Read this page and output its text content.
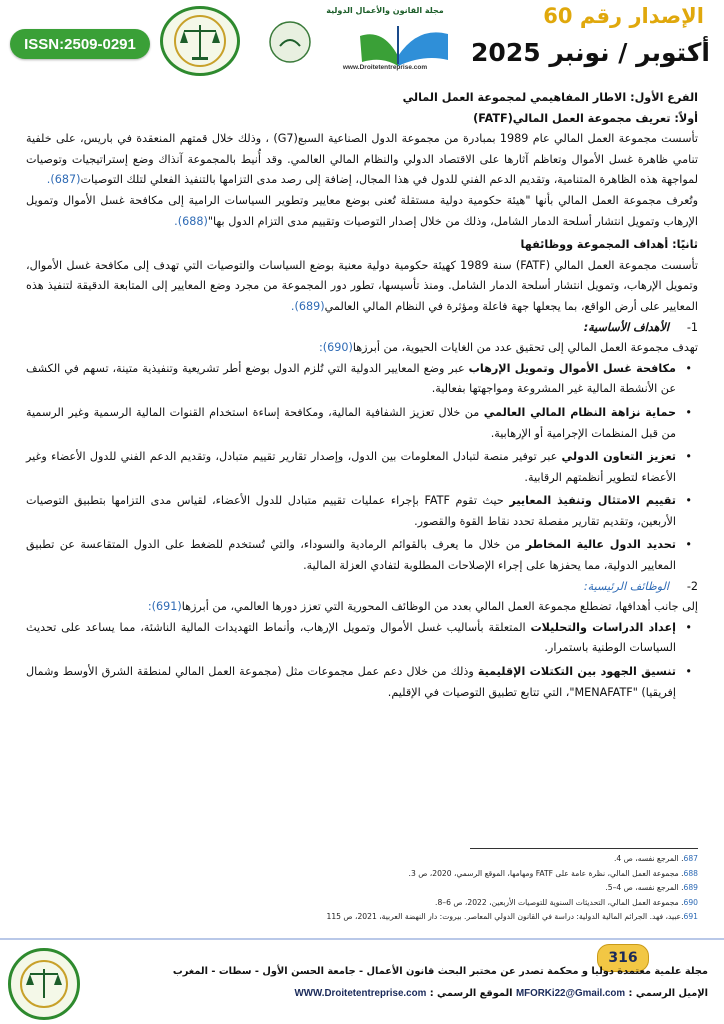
ISSN:2509-0291
مجلة القانون والأعمال الدولية
www.Droitetentreprise.com
الإصدار رقم 60
أكتوبر / نونبر 2025

الفرع الأول: الاطار المفاهيمي لمجموعة العمل المالي

أولاً: تعريف مجموعة العمل المالي(FATF)

تأسست مجموعة العمل المالي عام 1989 بمبادرة من مجموعة الدول الصناعية السبع(G7) ، وذلك خلال قمتهم المنعقدة في باريس، على خلفية تنامي ظاهرة غسل الأموال وتعاظم آثارها على الاقتصاد الدولي والنظام المالي العالمي. وقد أُنيط بالمجموعة آنذاك وضع إستراتيجيات وتوصيات لمواجهة هذه الظاهرة المتنامية، وتقديم الدعم الفني للدول في هذا المجال، إضافة إلى رصد مدى التزامها بالتنفيذ الفعلي لتلك التوصيات(687).

وتُعرف مجموعة العمل المالي بأنها "هيئة حكومية دولية مستقلة تُعنى بوضع معايير وتطوير السياسات الرامية إلى مكافحة غسل الأموال وتمويل الإرهاب وتمويل انتشار أسلحة الدمار الشامل، وذلك من خلال إصدار التوصيات وتقييم مدى التزام الدول بها"(688).

ثانيًا: أهداف المجموعة ووظائفها

تأسست مجموعة العمل المالي (FATF) سنة 1989 كهيئة حكومية دولية معنية بوضع السياسات والتوصيات التي تهدف إلى مكافحة غسل الأموال، وتمويل الإرهاب، وتمويل انتشار أسلحة الدمار الشامل. ومنذ تأسيسها، تطور دور المجموعة من مجرد وضع المعايير إلى المتابعة الدقيقة لتنفيذ هذه المعايير على أرض الواقع، بما يجعلها جهة فاعلة ومؤثرة في النظام المالي العالمي(689).

1-     الأهداف الأساسية:

تهدف مجموعة العمل المالي إلى تحقيق عدد من الغايات الحيوية، من أبرزها(690):

•
مكافحة غسل الأموال وتمويل الإرهاب عبر وضع المعايير الدولية التي تُلزم الدول بوضع أطر تشريعية وتنفيذية متينة، تسهم في الكشف عن الأنشطة المالية غير المشروعة ومواجهتها بفعالية.

•
حماية نزاهة النظام المالي العالمي من خلال تعزيز الشفافية المالية، ومكافحة إساءة استخدام القنوات المالية الرسمية وغير الرسمية من قبل المنظمات الإجرامية أو الإرهابية.

•
تعزيز التعاون الدولي عبر توفير منصة لتبادل المعلومات بين الدول، وإصدار تقارير تقييم متبادل، وتقديم الدعم الفني للدول الأعضاء وغير الأعضاء لتطوير أنظمتهم الرقابية.

•
تقييم الامتثال وتنفيذ المعايير حيث تقوم FATF بإجراء عمليات تقييم متبادل للدول الأعضاء، لقياس مدى التزامها بتطبيق التوصيات الأربعين، وتقديم تقارير مفصلة تحدد نقاط القوة والقصور.

•
تحديد الدول عالية المخاطر من خلال ما يعرف بالقوائم الرمادية والسوداء، والتي تُستخدم للضغط على الدول المتقاعسة عن تطبيق المعايير الدولية، مما يحفزها على إجراء الإصلاحات المطلوبة لتفادي العزلة المالية.

2-     الوظائف الرئيسية:

إلى جانب أهدافها، تضطلع مجموعة العمل المالي بعدد من الوظائف المحورية التي تعزز دورها العالمي، من أبرزها(691):

•
إعداد الدراسات والتحليلات المتعلقة بأساليب غسل الأموال وتمويل الإرهاب، وأنماط التهديدات المالية الناشئة، مما يساعد على تحديث السياسات الوطنية باستمرار.

•
تنسيق الجهود بين التكتلات الإقليمية وذلك من خلال دعم عمل مجموعات مثل (مجموعة العمل المالي لمنطقة الشرق الأوسط وشمال إفريقيا) "MENAFATF"، التي تتابع تطبيق التوصيات في الإقليم.

687. المرجع نفسه، ص 4.

688. مجموعة العمل المالي، نظرة عامة على FATF ومهامها، الموقع الرسمي، 2020، ص 3.

689. المرجع نفسه، ص 4–5.

690. مجموعة العمل المالي، التحديثات السنوية للتوصيات الأربعين، 2022، ص 6–8.

691.عبيد، فهد. الجرائم المالية الدولية: دراسة في القانون الدولي المعاصر. بيروت: دار النهضة العربية، 2021، ص 115

316
مجلة علمية معتمدة دوليا و محكمة تصدر عن مختبر البحث قانون الأعمال - جامعة الحسن الأول - سطات - المغرب
الإميل الرسمي : MFORKi22@Gmail.com الموقع الرسمي : WWW.Droitetentreprise.com
